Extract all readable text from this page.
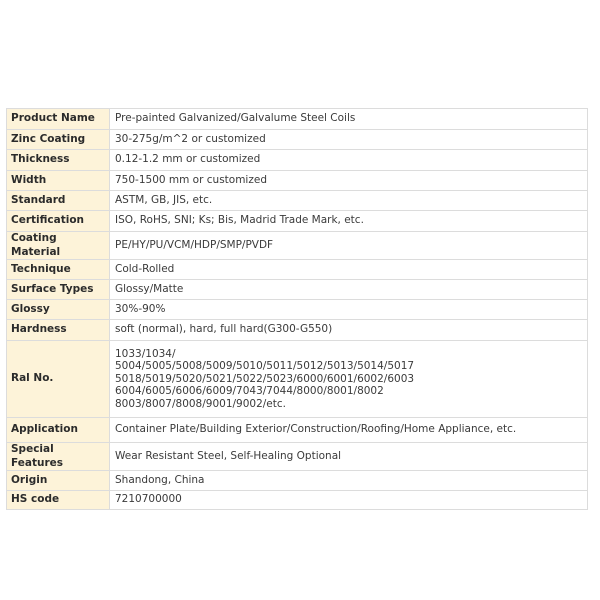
Product Name	Pre-painted Galvanized/Galvalume Steel Coils
Zinc Coating	30-275g/m^2 or customized
Thickness	0.12-1.2 mm or customized
Width	750-1500 mm or customized
Standard	ASTM, GB, JIS, etc.
Certification	ISO, RoHS, SNI; Ks; Bis, Madrid Trade Mark, etc.
Coating Material	PE/HY/PU/VCM/HDP/SMP/PVDF
Technique	Cold-Rolled
Surface Types	Glossy/Matte
Glossy	30%-90%
Hardness	soft (normal), hard, full hard(G300-G550)
Ral No.	1033/1034/
5004/5005/5008/5009/5010/5011/5012/5013/5014/5017
5018/5019/5020/5021/5022/5023/6000/6001/6002/6003
6004/6005/6006/6009/7043/7044/8000/8001/8002
8003/8007/8008/9001/9002/etc.

Application	Container Plate/Building Exterior/Construction/Roofing/Home Appliance, etc.
Special Features	Wear Resistant Steel, Self-Healing Optional
Origin	Shandong, China
HS code	7210700000
